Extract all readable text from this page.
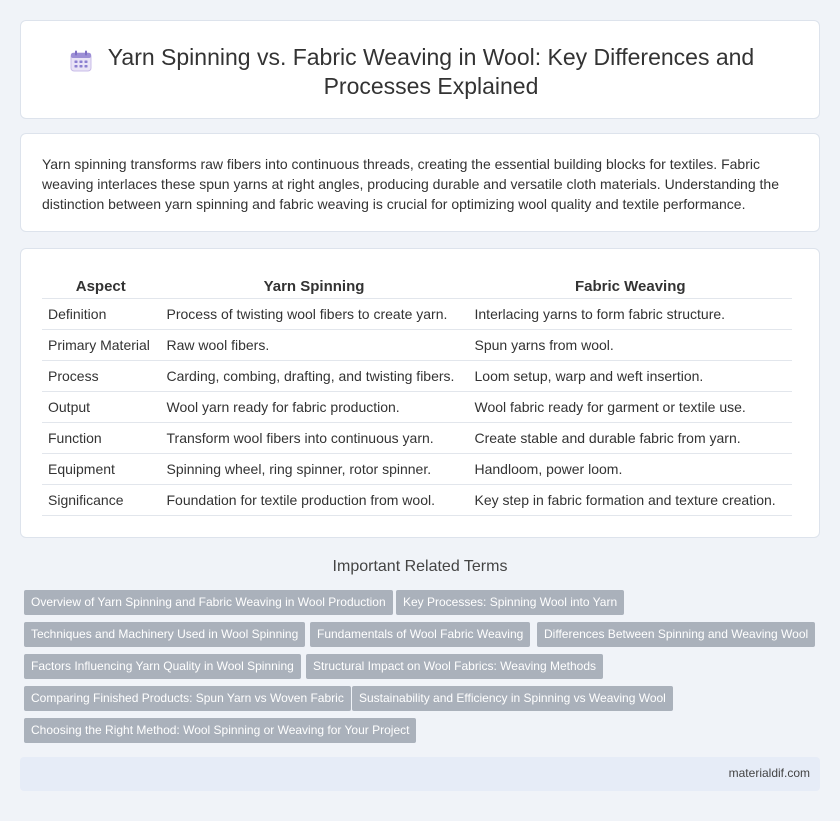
Yarn Spinning vs. Fabric Weaving in Wool: Key Differences and Processes Explained

Yarn spinning transforms raw fibers into continuous threads, creating the essential building blocks for textiles. Fabric weaving interlaces these spun yarns at right angles, producing durable and versatile cloth materials. Understanding the distinction between yarn spinning and fabric weaving is crucial for optimizing wool quality and textile performance.

Aspect	Yarn Spinning	Fabric Weaving
Definition	Process of twisting wool fibers to create yarn.	Interlacing yarns to form fabric structure.
Primary Material	Raw wool fibers.	Spun yarns from wool.
Process	Carding, combing, drafting, and twisting fibers.	Loom setup, warp and weft insertion.
Output	Wool yarn ready for fabric production.	Wool fabric ready for garment or textile use.
Function	Transform wool fibers into continuous yarn.	Create stable and durable fabric from yarn.
Equipment	Spinning wheel, ring spinner, rotor spinner.	Handloom, power loom.
Significance	Foundation for textile production from wool.	Key step in fabric formation and texture creation.
Important Related Terms
Overview of Yarn Spinning and Fabric Weaving in Wool Production	Key Processes: Spinning Wool into Yarn
Techniques and Machinery Used in Wool Spinning	Fundamentals of Wool Fabric Weaving	Differences Between Spinning and Weaving Wool
Factors Influencing Yarn Quality in Wool Spinning	Structural Impact on Wool Fabrics: Weaving Methods
Comparing Finished Products: Spun Yarn vs Woven Fabric	Sustainability and Efficiency in Spinning vs Weaving Wool
Choosing the Right Method: Wool Spinning or Weaving for Your Project
materialdif.com
